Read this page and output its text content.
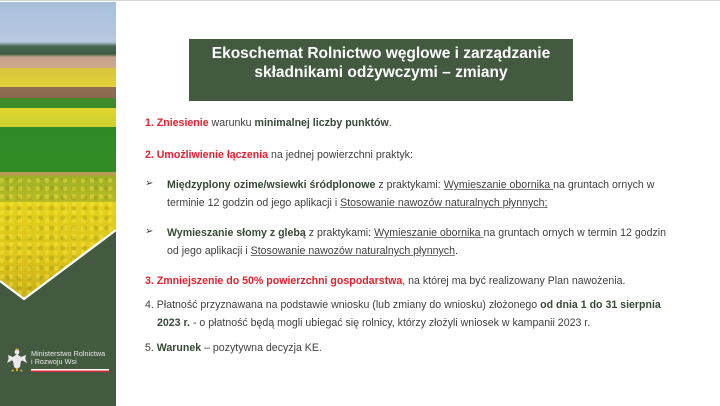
Ministerstwo Rolnictwa
i Rozwoju Wsi
Ekoschemat Rolnictwo węglowe i zarządzanie
składnikami odżywczymi – zmiany
1. Zniesienie warunku minimalnej liczby punktów.
2. Umożliwienie łączenia na jednej powierzchni praktyk:
➢ Międzyplony ozime/wsiewki śródplonowe z praktykami: Wymieszanie obornika na gruntach ornych w
terminie 12 godzin od jego aplikacji i Stosowanie nawozów naturalnych płynnych;
➢ Wymieszanie słomy z glebą z praktykami: Wymieszanie obornika na gruntach ornych w termin 12 godzin
od jego aplikacji i Stosowanie nawozów naturalnych płynnych.
3. Zmniejszenie do 50% powierzchni gospodarstwa, na której ma być realizowany Plan nawożenia.
4. Płatność przyznawana na podstawie wniosku (lub zmiany do wniosku) złożonego od dnia 1 do 31 sierpnia
2023 r. - o płatność będą mogli ubiegać się rolnicy, którzy złożyli wniosek w kampanii 2023 r.
5. Warunek – pozytywna decyzja KE.
